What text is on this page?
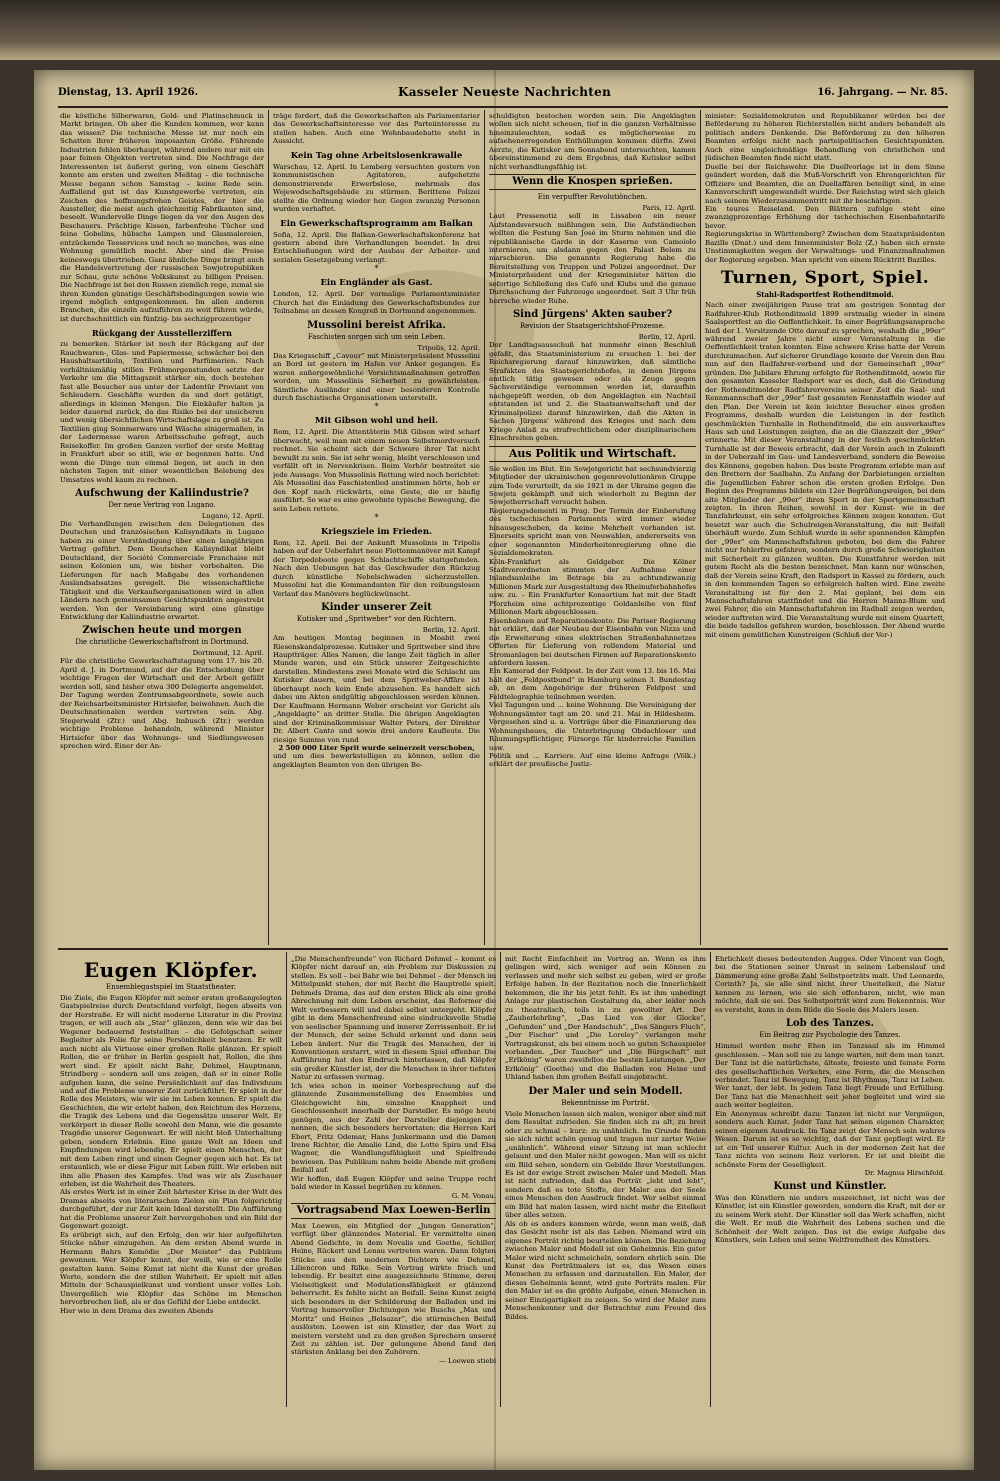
Dienstag, 13. April 1926.	Kasseler Neueste Nachrichten	16. Jahrgang. — Nr. 85.

die köstliche Silberwaren, Gold- und Platinschmuck in Markt bringen. Ob aber die Kunden kommen, wer kann das wissen? Die technische Messe ist nur noch ein Schatten ihrer früheren imposanten Größe. Führende Industrien fehlen überhaupt, während andere nur mit ein paar feinen Objekten vertreten sind. Die Nachfrage der Interessenten ist äußerst gering, von einem Geschäft konnte am ersten und zweiten Meßtag – die technische Messe begann schon Samstag – keine Rede sein. Auffallend gut ist das Kunstgewerbe vertreten, ein Zeichen des hoffnungsfrohen Geistes, der hier die Aussteller, die meist auch gleichzeitig Fabrikanten sind, beseelt. Wundervolle Dinge liegen da vor den Augen des Beschauers. Prächtige Kissen, farbenfrohe Tücher und feine Gobelins, hübsche Lampen und Glasmalereien, entzückende Teeservices und noch so manches, was eine Wohnung gemütlich macht. Aber sind die Preise keineswegs übertrieben. Ganz ähnliche Dinge bringt auch die Handelsvertretung der russischen Sowjetrepubliken zur Schau, gute schöne Volkskunst zu billigen Preisen. Die Nachfrage ist bei den Russen ziemlich rege, zumal sie ihren Kunden günstige Geschäftsbedingungen sowie wie irgend möglich entgegenkommen. Im allen anderen Branchen, die einzeln aufzuführen zu weit führen würde, ist durchschnittlich ein fünfzig- bis sechzigprozentiger

Rückgang der Ausstellerziffern

zu bemerken. Stärker ist noch der Rückgang auf der Rauchwaren-, Glas- und Papiermesse, schwächer bei den Haushaltsartikeln, Textilien und Parfümerien. Nach verhältnismäßig stillen Frühmorgenstunden setzte der Verkehr um die Mittagszeit stärker ein, doch bestehen fast alle Besucher aus unter der Ladentür Proviant von Schleudern. Geschäfte wurden da und dort getätigt, allerdings in kleinen Mengen. Die Einkäufer halten ja leider dauernd zurück, da das Risiko bei der unsicheren und wenig übersichtlichen Wirtschaftslage zu groß ist. Zu Textilien ging Sommerware und Wäsche einigermaßen, in der Ledermesse waren Arbeitsschuhe gefragt, auch Reisekoffer. Im großen Ganzen verlief der erste Meßtag in Frankfurt aber so still, wie er begonnen hatte. Und wenn die Dinge nun einmal liegen, ist auch in den nächsten Tagen mit einer wesentlichen Belebung des Umsatzes wohl kaum zu rechnen.

Aufschwung der Kaliindustrie?
Der neue Vertrag von Lugano.
Lugano, 12. April.

Die Verhandlungen zwischen den Delegationen des Deutschen und französischen Kalisyndikats in Lugano haben zu einer Verständigung über einen langjährigen Vertrag geführt. Dem Deutschen Kalisyndikat bleibt Deutschland, der Société Commerciale Franchaise mit seinen Kolonien um, wie bisher vorbehalten. Die Lieferungen für nach Maßgabe des vorhandenen Auslandsabsatzes geregelt. Die wissenschaftliche Tätigkeit und die Verkaufsorganisationen wird in allen Ländern nach gemeinsamen Gesichtspunkten angestrebt werden. Von der Vereinbarung wird eine günstige Entwicklung der Kaliindustrie erwartet.

Zwischen heute und morgen
Die christliche Gewerkschaftsfront in Dortmund.
Dortmund, 12. April.

Für die christliche Gewerkschaftstagung vom 17. bis 20. April d. J. in Dortmund, auf der die Entscheidung über wichtige Fragen der Wirtschaft und der Arbeit gefällt werden soll, sind bisher etwa 300 Delegierte angemeldet. Der Tagung werden Zentrumsabgeordnete, sowie auch der Reichsarbeitsminister Hirtsiefer, beiwohnen. Auch die Deutschnationalen werden vertreten sein. Abg. Stegerwald (Ztr.) und Abg. Imbusch (Ztr.) werden wichtige Probleme behandeln, während Minister Hirtsiefer über das Wohnungs- und Siedlungswesen sprechen wird. Einer der An-

träge fordert, daß die Gewerkschaften als Parlamentarier das Gewerkschaftsinteresse vor das Parteiinteresse zu stellen haben. Auch eine Wohnbaudebatte steht in Aussicht.

Kein Tag ohne Arbeitslosenkrawalle

Warschau, 12. April. In Lemberg versuchten gestern von kommunistischen Agitatoren, aufgehetzte demonstrierende Erwerbslose, mehrmals das Wojewodschaftsgebäude zu stürmen. Berittene Polizei stellte die Ordnung wieder her. Gegen zwanzig Personen wurden verhaftet.

Ein Gewerkschaftsprogramm am Balkan

Sofia, 12. April. Die Balkan-Gewerkschaftskonferenz hat gestern abend ihre Verhandlungen beendet. In drei Entschließungen wird der Ausbau der Arbeiter- und sozialen Gesetzgebung verlangt.

*
Ein Engländer als Gast.

London, 12. April. Der vormalige Parlamentsminister Church hat die Einladung des Gewerkschaftsbundes zur Teilnahme an dessen Kongreß in Dortmund angenommen.

Mussolini bereist Afrika.
Faschisten sorgen sich um sein Leben.
Tripolis, 12. April.

Das Kriegsschiff „Cavour“ mit Ministerpräsident Mussolini an Bord ist gestern im Hafen vor Anker gegangen. Es waren außergewöhnliche Vorsichtsmaßnahmen getroffen worden, um Mussolinis Sicherheit zu gewährleisten. Sämtliche Ausländer sind einer besonderen Kontrolle durch faschistische Organisationen unterstellt.

*
Mit Gibson wohl und heil.

Rom, 12. April. Die Attentäterin Miß Gibson wird scharf überwacht, weil man mit einem neuen Selbstmordversuch rechnet. Sie scheint sich der Schwere ihrer Tat nicht bewußt zu sein. Sie ist sehr wenig, bleibt verschlossen und verfällt oft in Nervenkrisen. Beim Verhör bestreitet sie jede Aussage. Von Mussolinis Rettung wird noch berichtet: Als Mussolini das Faschistenlied anstimmen hörte, hob er den Kopf nach rückwärts, eine Geste, die er häufig ausführt. So war es eine gewohnte typische Bewegung, die sein Leben rettete.

*
Kriegsziele im Frieden.

Rom, 12. April. Bei der Ankunft Mussolinis in Tripolis haben auf der Ueberfahrt neue Flottenmanöver mit Kampf der Torpedoboote gegen Schlachtschiffe stattgefunden. Nach den Uebungen hat das Geschwader den Rückzug durch künstliche Nebelschwaden sicherzustellen. Mussolini hat die Kommandanten für den reibungslosen Verlauf des Manövers beglückwünscht.

Kinder unserer Zeit
Kutisker und „Spritweber“ vor den Richtern.
Berlin, 12. April.

Am heutigen Montag beginnen in Moabit zwei Riesenskandalprozesse. Kutisker und Spritweber sind ihre Hauptträger. Alles Namen, die lange Zeit täglich in aller Munde waren, und ein Stück unserer Zeitgeschichte darstellen. Mindestens zwei Monate wird die Schlacht um Kutisker dauern, und bei dem Spritweber-Affäre ist überhaupt noch kein Ende abzusehen. Es handelt sich dabei um Akten endgültig abgeschlossen werden können. Der Kaufmann Hermann Weber erscheint vor Gericht als „Angeklagte“ an dritter Stelle. Die übrigen Angeklagten sind der Kriminalkommissar Walter Peters, der Direktor Dr. Albert Canto und sowie drei andere Kaufleute. Die riesige Summe von rund

2 500 000 Liter Sprit wurde seinerzeit verschoben,

und um dies bewerkstelligen zu können, sollen die angeklagten Beamten von den übrigen Be-

schuldigten bestochen worden sein. Die Angeklagten wollen sich nicht scheuen, tief in die ganzen Verhältnisse hineinzuleuchten, sodaß es möglicherweise zu aufsehenerregenden Enthüllungen kommen dürfte. Zwei Aerzte, die Kutisker am Sonnabend untersuchten, kamen übereinstimmend zu dem Ergebnis, daß Kutisker selbst nicht verhandlungsfähig ist.

Wenn die Knospen sprießen.
Ein verpuffter Revolutiönchen.
Paris, 12. April.

Laut Pressenotiz soll in Lissabon ein neuer Aufstandsversuch mißlungen sein. Die Aufständischen wollten die Festung San José im Sturm nehmen und die republikanische Garde in der Kaserne von Camoiolo internieren, um alsdann gegen den Palast Belem zu marschieren. Die genannte Regierung habe die Bereitstellung von Truppen und Polizei angeordnet. Der Ministerpräsident und der Kriegsminister hätten die sofortige Schließung des Café und Klubs und die genaue Durchsuchung der Fahrzeuge angeordnet. Seit 3 Uhr früh herrsche wieder Ruhe.

Sind Jürgens' Akten sauber?
Revision der Staatsgerichtshof-Prozesse.
Berlin, 12. April.

Der Landtagsausschuß hat nunmehr einen Beschluß gefaßt, das Staatsministerium zu ersuchen 1. bei der Reichsregierung darauf hinzuwirken, daß sämtliche Strafakten des Staatsgerichtshofes, in denen Jürgens amtlich tätig gewesen oder als Zeuge gegen Sachverständige vernommen worden ist, daraufhin nachgeprüft werden, ob den Angeklagten ein Nachteil entstanden ist und 2. die Staatsanwaltschaft und der Kriminalpolizei darauf hinzuwirken, daß die Akten in Sachen Jürgens' während des Krieges und nach dem Kriege Anlaß zu strafrechtlichem oder disziplinarischem Einschreiten geben.

Aus Politik und Wirtschaft.

Sie wollen im Blut. Ein Sowjetgericht hat sechsundvierzig Mitglieder der ukrainischen gegenrevolutionären Gruppe zum Tode verurteilt, da sie 1921 in der Ukraine gegen die Sowjets gekämpft und sich wiederholt zu Beginn der Sowjetherrschaft versucht haben.

Regierungsdementi in Prag. Der Termin der Einberufung des tschechischen Parlaments wird immer wieder hinausgeschoben, da keine Mehrheit vorhanden ist. Einerseits spricht man von Neuwahlen, andererseits von einer sogenannten Minderheitenregierung ohne die Sozialdemokraten.

Köln-Frankfurt als Geldgeber. Die Kölner Stadtverordneten stimmten der Aufnahme einer Inlandsanleihe im Betrage bis zu achtundzwanzig Millionen Mark zur Ausgestaltung des Rheinuferbahnhofes usw. zu. – Ein Frankfurter Konsortium hat mit der Stadt Pforzheim eine achtprozentige Goldanleihe von fünf Millionen Mark abgeschlossen.

Eisenbahnen auf Reparationskonto. Die Pariser Regierung hat erklärt, daß der Neubau der Eisenbahn von Nizza und die Erweiterung eines elektrischen Straßenbahnnetzes Offerten für Lieferung von rollendem Material und Stromanlagen bei deutschen Firmen auf Reparationskonto anfordern lassen.

Ein Kamerad der Feldpost. In der Zeit vom 13. bis 16. Mai hält der „Feldpostbund“ in Hamburg seinen 3. Bundestag ab, an dem Angehörige der früheren Feldpost und Feldtelegraphie teilnehmen werden.

Viel Tagungen und ... keine Wohnung. Die Vereinigung der Wohnungsämter tagt am 20. und 21. Mai in Hildesheim. Vorgesehen sind u. a. Vorträge über die Finanzierung des Wohnungsbaues, die Unterbringung Obdachloser und Räumungspflichtiger, Fürsorge für kinderreiche Familien usw.

Politik und ... Karriere. Auf eine kleine Anfrage (Völk.) erklärt der preußische Justiz-

minister: Sozialdemokraten und Republikaner würden bei der Beförderung zu höheren Richterstellen nicht anders behandelt als politisch anders Denkende. Die Beförderung zu den höheren Beamten erfolge nicht nach parteipolitischen Gesichtspunkten. Auch eine ungleichmäßige Behandlung von christlichen und jüdischen Beamten finde nicht statt.

Duelle bei der Reichswehr. Die Duellvorlage ist in dem Sinne geändert worden, daß die Muß-Vorschrift von Ehrengerichten für Offiziere und Beamten, die an Duellaffären beteiligt sind, in eine Kannvorschrift umgewandelt wurde. Der Reichstag wird sich gleich nach seinem Wiederzusammentritt mit ihr beschäftigen.

Ein teures Reiseland. Den Blättern zufolge steht eine zwanzigprozentige Erhöhung der tschechischen Eisenbahntarife bevor.

Regierungskrise in Württemberg? Zwischen dem Staatspräsidenten Bazille (Dnat.) und dem Innenminister Bolz (Z.) haben sich ernste Unstimmigkeiten wegen der Verwaltungs- und Finanzmaßnahmen der Regierung ergeben. Man spricht von einem Rücktritt Bazilles.

Turnen, Sport, Spiel.
Stahl-Radsportfest Rothenditmold.

Nach einer zweijährigen Pause trat am gestrigen Sonntag der Radfahrer-Klub Rothenditmold 1899 erstmalig wieder in einem Saalsportfest an die Oeffentlichkeit. In einer Begrüßungsansprache hieß der 1. Vorsitzende Otto darauf zu sprechen, weshalb die „99er“ während zweier Jahre nicht einer Veranstaltung in die Oeffentlichkeit traten konnten. Eine schwere Krise hatte der Verein durchzumachen. Auf sicherer Grundlage konnte der Verein den Bau nun auf den Radfahrer-verband und der Gemeinschaft „99er“ gründen. Die Jubilare Ehrung erfolgte für Rothenditmold, sowie für den gesamten Kasseler Radsport war es doch, daß die Gründung der Rothenditmolder Radfahrervereins seiner Zeit die Saal- und Rennmannschaft der „99er“ fast gesamten Rennstaffeln wieder auf den Plan. Der Verein ist kein leichter Besucher eines großen Programms, deshalb wurden die Leistungen in der festlich geschmückten Turnhalle in Rothenditmold, die ein ausverkauftes Haus sah und Leistungen zeigten, die an die Glanzzeit der „99er“ erinnerte. Mit dieser Veranstaltung in der festlich geschmückten Turnhalle ist der Beweis erbracht, daß der Verein auch in Zukunft in der Ueberzahl im Gau- und Landesverband, sondern die Beweise des Könnens, gegeben haben. Das beste Programm erlebte man auf den Brettern der Saalbahn. Zu Anfang der Darbietungen erzielten die Jugendlichen Fahrer schon die ersten großen Erfolge. Den Beginn des Programms bildete ein 12er Begrüßungsreigen, bei dem alte Mitglieder der „99er“ ihren Sport in der Sportgemeinschaft zeigten. In ihren Reihen, sowohl in der Kunst- wie in der Tanzfahrkunst, ein sehr erfolgreiches Können zeigen konnten. Gut besetzt war auch die Schulreigen-Veranstaltung, die mit Beifall überhäuft wurde. Zum Schluß wurde in sehr spannenden Kämpfen der „99er“ ein Mannschaftsfahren geboten, bei dem die Fahrer nicht nur fehlerfrei gefahren, sondern durch große Schwierigkeiten mit Sicherheit zu glänzen wußten. Die Kunstfahrer werden mit gutem Recht als die besten bezeichnet. Man kann nur wünschen, daß der Verein seine Kraft, den Radsport in Kassel zu fördern, auch in den kommenden Tagen so erfolgreich halten wird. Eine zweite Veranstaltung ist für den 2. Mai geplant, bei dem ein Mannschaftsfahren stattfindet und die Herren Mannz-Blum und zwei Fahrer, die ein Mannschaftsfahren im Radball zeigen werden, wieder auftreten wird. Die Veranstaltung wurde mit einem Quartett, die beide tadellos gefahren wurden, beschlossen. Der Abend wurde mit einem gemütlichen Kunstreigen (Schluß der Ver-)

Eugen Klöpfer.
Ensemblegastspiel im Staatstheater.

Die Ziele, die Eugen Klöpfer mit seiner ersten großangelegten Gastspielreise durch Deutschland verfolgt, liegen abseits von der Herstraße. Er will nicht moderne Literatur in die Provinz tragen, er will auch als „Star“ glänzen, denn wie wir das bei Wegener bedauernd feststellten – die Gefolgschaft seiner Begleiter als Folie für seine Persönlichkeit benutzen. Er will auch nicht als Virtuose einer großen Rolle glänzen. Er spielt Rollen, die er früher in Berlin gespielt hat, Rollen, die ihm wert sind. Er spielt nicht Bahr, Dehmel, Hauptmann, Strindberg – sondern soll uns zeigen, daß er in einer Rolle aufgehen kann, die seine Persönlichkeit auf das Individuum und auf die Probleme unserer Zeit zurückführt. Er spielt in der Rolle des Meisters, wie wir sie im Leben kennen. Er spielt die Geschichten, die wir erlebt haben, den Reichtum des Herzens, die Tragik des Lebens und die Gegensätze unserer Welt. Er verkörpert in dieser Rolle sowohl den Mann, wie die gesamte Tragödie unserer Gegenwart. Er will nicht bloß Unterhaltung geben, sondern Erlebnis. Eine ganze Welt an Ideen und Empfindungen wird lebendig. Er spielt einen Menschen, der mit dem Leben ringt und einen Gegner gegen sich hat. Es ist erstaunlich, wie er diese Figur mit Leben füllt. Wir erleben mit ihm alle Phasen des Kampfes. Und was wir als Zuschauer erleben, ist die Wahrheit des Theaters.

Als erstes Werk ist in einer Zeit härtester Krise in der Welt des Dramas abseits von literarischen Zielen ein Plan folgerichtig durchgeführt, der zur Zeit kein Ideal darstellt. Die Aufführung hat die Probleme unserer Zeit hervorgehoben und ein Bild der Gegenwart gezeigt.

Es erübrigt sich, auf den Erfolg, den wir hier aufgeführten Stücke näher einzugehen. An dem ersten Abend wurde in Hermann Bahrs Komödie „Der Meister“ das Publikum gewonnen. Wer Klöpfer kennt, der weiß, wie er eine Rolle gestalten kann. Seine Kunst ist nicht die Kunst der großen Worte, sondern die der stillen Wahrheit. Er spielt mit allen Mitteln der Schauspielkunst und verdient unser volles Lob. Unvergeßlich wie Klöpfer das Schöne im Menschen hervorbrechen ließ, als er das Gefühl der Liebe entdeckt.

Hier wie in dem Drama des zweiten Abends

„Die Menschenfreunde“ von Richard Dehmel – kommt es Klöpfer nicht darauf an, ein Problem zur Diskussion zu stellen. Es soll – bei Bahr wie bei Dehmel – der Mensch im Mittelpunkt stehen, der mit Recht die Hauptrolle spielt. Dehmels Drama, das auf den ersten Blick als eine große Abrechnung mit dem Leben erscheint, das Reformer die Welt verbessern will und dabei selbst untergeht. Klöpfer gibt in dem Menschenfreund eine eindrucksvolle Studie von seelischer Spannung und innerer Zerrissenheit. Er ist der Mensch, der seine Schuld erkennt und dann sein Leben ändert. Nur die Tragik des Menschen, der in Konventionen erstarrt, wird in diesem Spiel offenbar. Die Aufführung hat den Eindruck hinterlassen, daß Klöpfer ein großer Künstler ist, der die Menschen in ihrer tiefsten Natur zu erfassen vermag.

Ich wies schon in meiner Vorbesprechung auf die glänzende Zusammenstellung des Ensembles und Gleichgewicht hin, einzelne Knappheit und Geschlossenheit innerhalb der Darsteller. Es möge heute genügen, aus der Zahl der Darsteller diejenigen zu nennen, die sich besonders hervortaten: die Herren Karl Ebert, Fritz Odemar, Hans Junkermann und die Damen Irene Richter, die Amalie Lind, die Lotte Spira und Elsa Wagner, die Wandlungsfähigkeit und Spielfreude bewiesen. Das Publikum nahm beide Abende mit großem Beifall auf.

Wir hoffen, daß Eugen Klöpfer und seine Truppe recht bald wieder in Kassel begrüßen zu können.

G. M. Vonau.
Vortragsabend Max Loewen-Berlin

Max Loewen, ein Mitglied der „Jungen Generation“, verfügt über glänzendes Material. Er vermittelte einen Abend Gedichte, in dem Novalis und Goethe, Schiller, Heine, Rückert und Lenau vertreten waren. Dann folgten Stücke aus den modernen Dichtern wie Dehmel, Liliencron und Rilke. Sein Vortrag wirkte frisch und lebendig. Er besitzt eine ausgezeichnete Stimme, deren Vielseitigkeit und Modulationsfähigkeit er glänzend beherrscht. Es fehlte nicht an Beifall. Seine Kunst zeigte sich besonders in der Schilderung der Balladen und im Vortrag humorvoller Dichtungen wie Buschs „Max und Moritz“ und Heines „Belsazar“, die stürmischen Beifall auslösten. Loewen ist ein Künstler, der das Wort zu meistern versteht und zu den großen Sprechern unserer Zeit zu zählen ist. Der gelungene Abend fand den stärksten Anklang bei den Zuhörern.

— Loewen stiebl

mit Recht Einfachheit im Vortrag an. Wenn es ihm gelingen wird, sich weniger auf sein Können zu verlassen und mehr sich selbst zu geben, wird er große Erfolge haben. In der Rezitation noch die Innerlichkeit bekommen, die ihr bis jetzt fehlt. Es ist ihm unbedingt Anlage zur plastischen Gestaltung da, aber leider noch zu theatralisch, teils in zu gewollter Art. Der „Zauberlehrling“, „Das Lied von der Glocke“, „Gefunden“ und „Der Handschuh“, „Des Sängers Fluch“, „Der Fischer“ und „Die Loreley“ verlangen mehr Vortragskunst, als bei einem noch so guten Schauspieler vorhanden. „Der Taucher“ und „Die Bürgschaft“ mit „Erlkönig“ waren zweifellos die besten Leistungen. „Der Erlkönig“ (Goethe) und die Balladen von Heine und Uhland haben ihm großen Beifall eingebracht.

Der Maler und sein Modell.
Bekenntnisse im Porträt.

Viele Menschen lassen sich malen, weniger aber sind mit dem Resultat zufrieden. Sie finden sich zu alt, zu breit oder zu schmal – kurz: zu unähnlich. Im Grunde finden sie sich nicht schön genug und tragen nur zarter Weise „unähnlich“. Während einer Sitzung ist man schlecht gelaunt und den Maler nicht gewogen. Man will es nicht ein Bild sehen, sondern ein Gebilde Ihrer Vorstellungen. Es ist der ewige Streit zwischen Maler und Modell. Man ist nicht zufrieden, daß das Porträt „lebt und lebt“, sondern daß es tote Stoffe, der Maler aus der Seele eines Menschen den Ausdruck findet. Wer selbst einmal ein Bild hat malen lassen, wird nicht mehr die Eitelkeit über alles setzen.

Als ob es anders kommen würde, wenn man weiß, daß das Gesicht mehr ist als das Leben. Niemand wird ein eigenes Porträt richtig beurteilen können. Die Beziehung zwischen Maler und Modell ist ein Geheimnis. Ein guter Maler wird nicht schmeicheln, sondern ehrlich sein. Die Kunst des Porträtmalers ist es, das Wesen eines Menschen zu erfassen und darzustellen. Ein Maler, der dieses Geheimnis kennt, wird gute Porträts malen. Für den Maler ist es die größte Aufgabe, einen Menschen in seiner Einzigartigkeit zu zeigen. So wird der Maler zum Menschenkenner und der Betrachter zum Freund des Bildes.

Ehrlichkeit dieses bedeutenden Augges. Oder Vincent van Gogh, bei die Stationen seiner Unrast in seinem Lebenslauf und Dämmerung eine große Zahl Selbstporträts malt. Und Leonardo, Corinth? Ja, sie alle sind nicht ihrer Uneitelkeit, die Natur kennen zu lernen, wie sie sich offenbaren, nicht, wie man möchte, daß sie sei. Das Selbstporträt wird zum Bekenntnis. Wer es versteht, kann in dem Bilde die Seele des Malers lesen.

Lob des Tanzes.
Ein Beitrag zur Psychologie des Tanzes.

Himmel werden mehr Ehen im Tanzsaal als im Himmel geschlossen. – Man soll nie zu lange warten, mit dem man tanzt. Der Tanz ist die natürlichste, älteste, freieste und feinste Form des gesellschaftlichen Verkehrs, eine Form, die die Menschen verbindet. Tanz ist Bewegung, Tanz ist Rhythmus, Tanz ist Leben. Wer tanzt, der lebt. In jedem Tanz liegt Freude und Erfüllung. Der Tanz hat die Menschheit seit jeher begleitet und wird sie auch weiter begleiten.

Ein Anonymus schreibt dazu: Tanzen ist nicht nur Vergnügen, sondern auch Kunst. Jeder Tanz hat seinen eigenen Charakter, seinen eigenen Ausdruck. Im Tanz zeigt der Mensch sein wahres Wesen. Darum ist es so wichtig, daß der Tanz gepflegt wird. Er ist ein Teil unserer Kultur. Auch in der modernen Zeit hat der Tanz nichts von seinem Reiz verloren. Er ist und bleibt die schönste Form der Geselligkeit.

Dr. Magnus Hirschfeld.
Kunst und Künstler.

Was den Künstlern nie anders auszeichnet, ist nicht was der Künstler, ist ein Künstler geworden, sondern die Kraft, mit der er zu seinem Werk steht. Der Künstler soll das Werk schaffen, nicht die Welt. Er muß die Wahrheit des Lebens suchen und die Schönheit der Welt zeigen. Das ist die ewige Aufgabe des Künstlers, sein Leben und seine Weltfremdheit des Künstlers.
